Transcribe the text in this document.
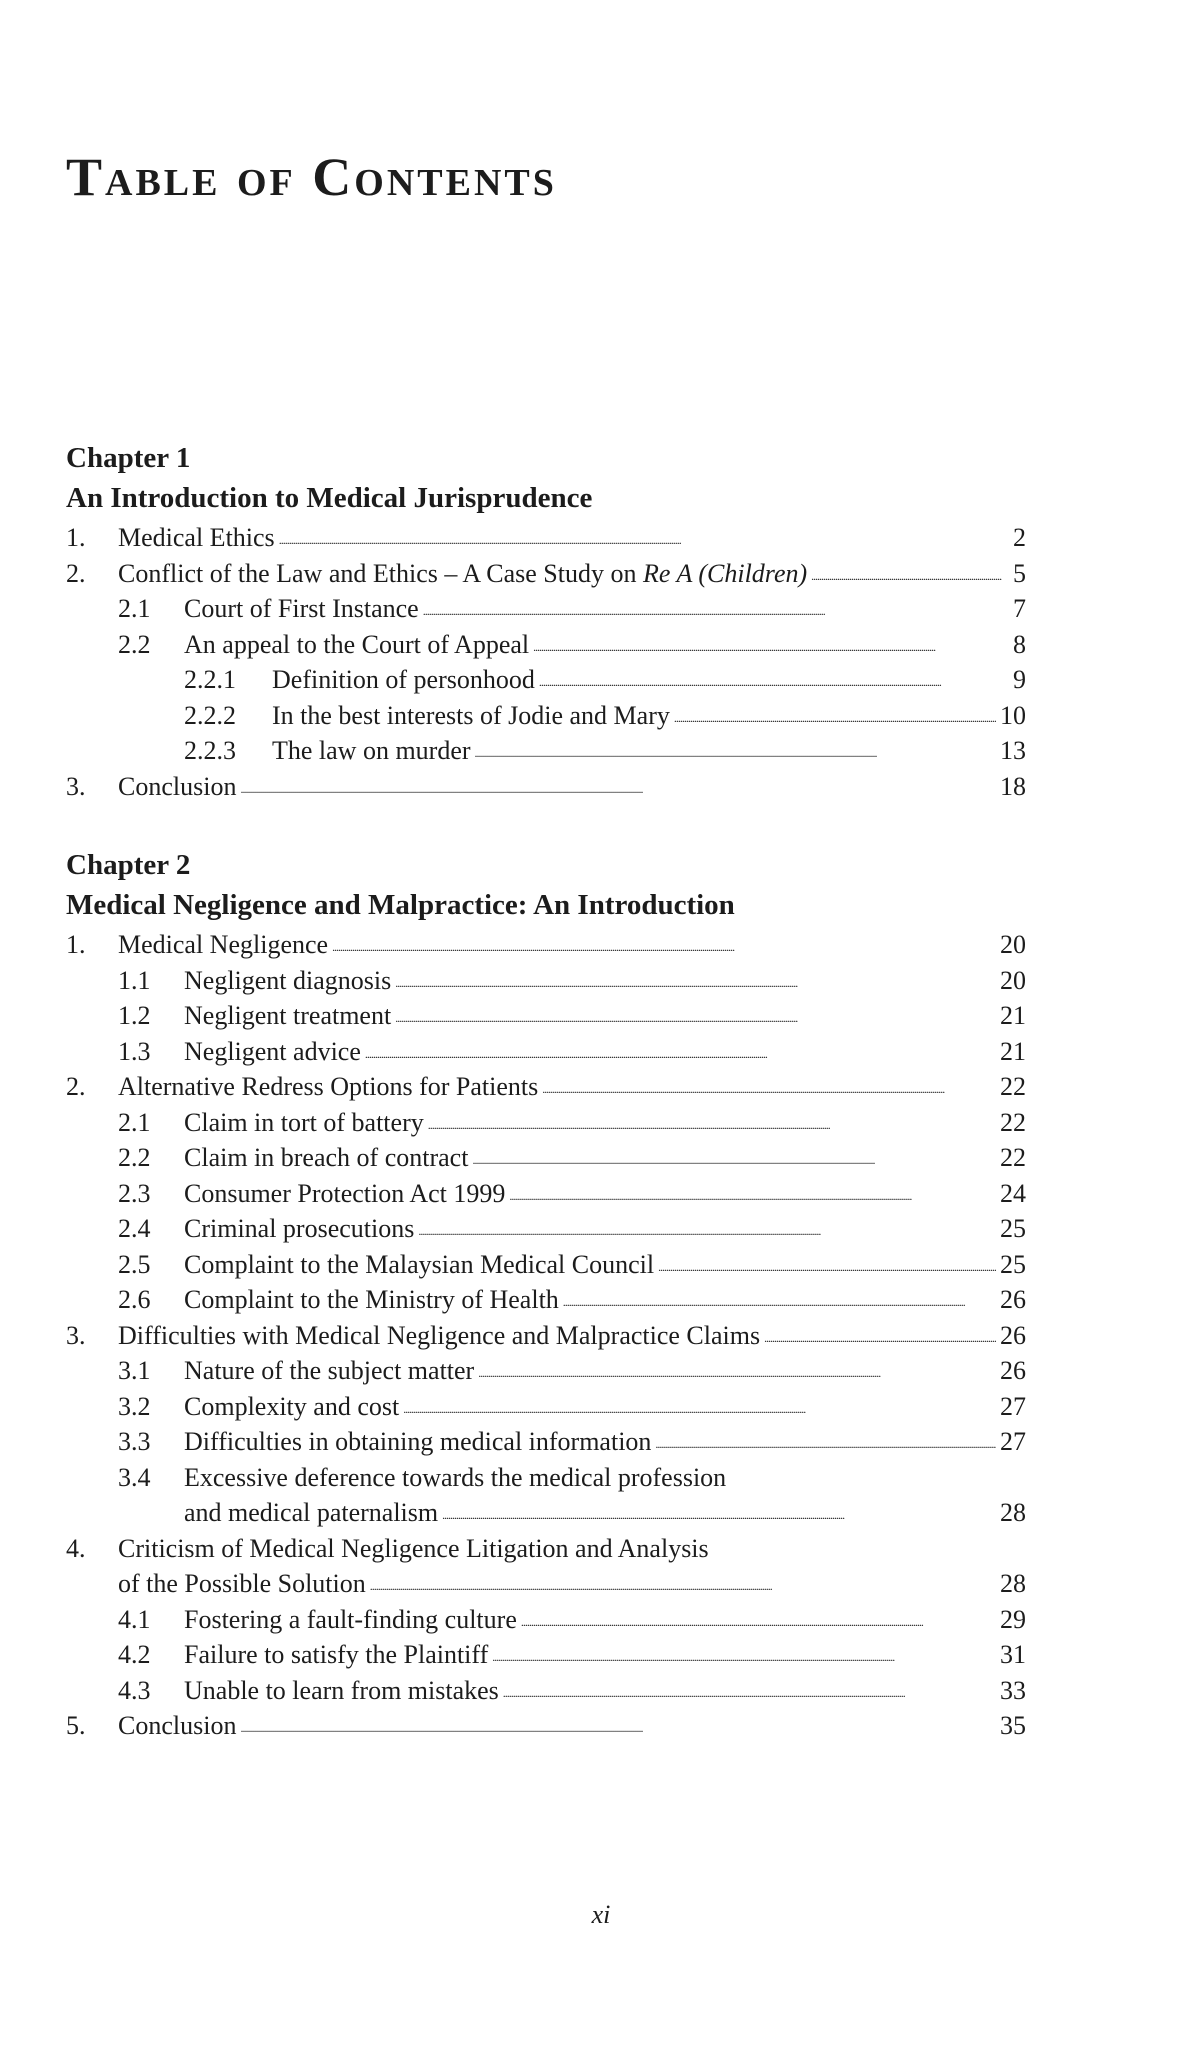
Table of Contents
Chapter 1
An Introduction to Medical Jurisprudence
1.	Medical Ethics . . .	2
2.	Conflict of the Law and Ethics – A Case Study on Re A (Children) . . .	5
2.1	Court of First Instance . . .	7
2.2	An appeal to the Court of Appeal . . .	8
2.2.1	Definition of personhood . . .	9
2.2.2	In the best interests of Jodie and Mary . . .	10
2.2.3	The law on murder . . .	13
3.	Conclusion . . .	18
Chapter 2
Medical Negligence and Malpractice: An Introduction
1.	Medical Negligence . . .	20
1.1	Negligent diagnosis . . .	20
1.2	Negligent treatment . . .	21
1.3	Negligent advice . . .	21
2.	Alternative Redress Options for Patients . . .	22
2.1	Claim in tort of battery . . .	22
2.2	Claim in breach of contract . . .	22
2.3	Consumer Protection Act 1999 . . .	24
2.4	Criminal prosecutions . . .	25
2.5	Complaint to the Malaysian Medical Council . . .	25
2.6	Complaint to the Ministry of Health . . .	26
3.	Difficulties with Medical Negligence and Malpractice Claims . . .	26
3.1	Nature of the subject matter . . .	26
3.2	Complexity and cost . . .	27
3.3	Difficulties in obtaining medical information . . .	27
3.4	Excessive deference towards the medical profession
and medical paternalism . . .	28
4.	Criticism of Medical Negligence Litigation and Analysis
of the Possible Solution . . .	28
4.1	Fostering a fault-finding culture . . .	29
4.2	Failure to satisfy the Plaintiff . . .	31
4.3	Unable to learn from mistakes . . .	33
5.	Conclusion . . .	35
xi
